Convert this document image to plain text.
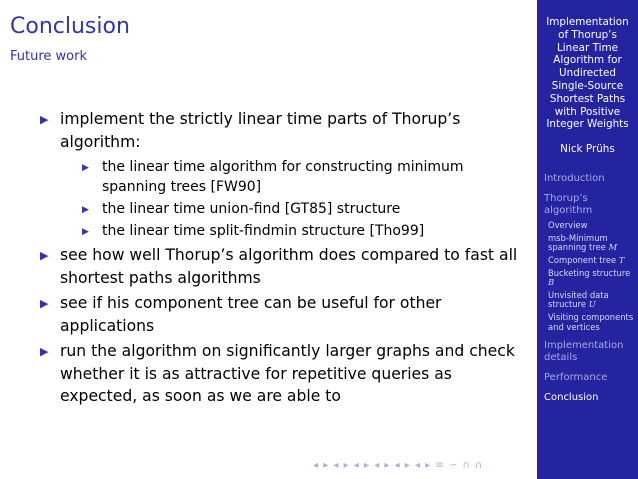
Conclusion
Future work
▶ implement the strictly linear time parts of Thorup’s algorithm:
▶ the linear time algorithm for constructing minimum spanning trees [FW90]
▶ the linear time union-find [GT85] structure
▶ the linear time split-findmin structure [Tho99]
▶ see how well Thorup’s algorithm does compared to fast all shortest paths algorithms
▶ see if his component tree can be useful for other applications
▶ run the algorithm on significantly larger graphs and check whether it is as attractive for repetitive queries as expected, as soon as we are able to
◂ ▸ ◂ ▸ ◂ ▸ ◂ ▸ ◂ ▸ ◂ ▸ ≡ ∽ ∩ ∩
Implementation of Thorup’s Linear Time Algorithm for Undirected Single-Source Shortest Paths with Positive Integer Weights
Nick Prühs
Introduction
Thorup’s algorithm
Overview
msb-Minimum spanning tree M
Component tree T
Bucketing structure B
Unvisited data structure U
Visiting components and vertices
Implementation details
Performance
Conclusion
